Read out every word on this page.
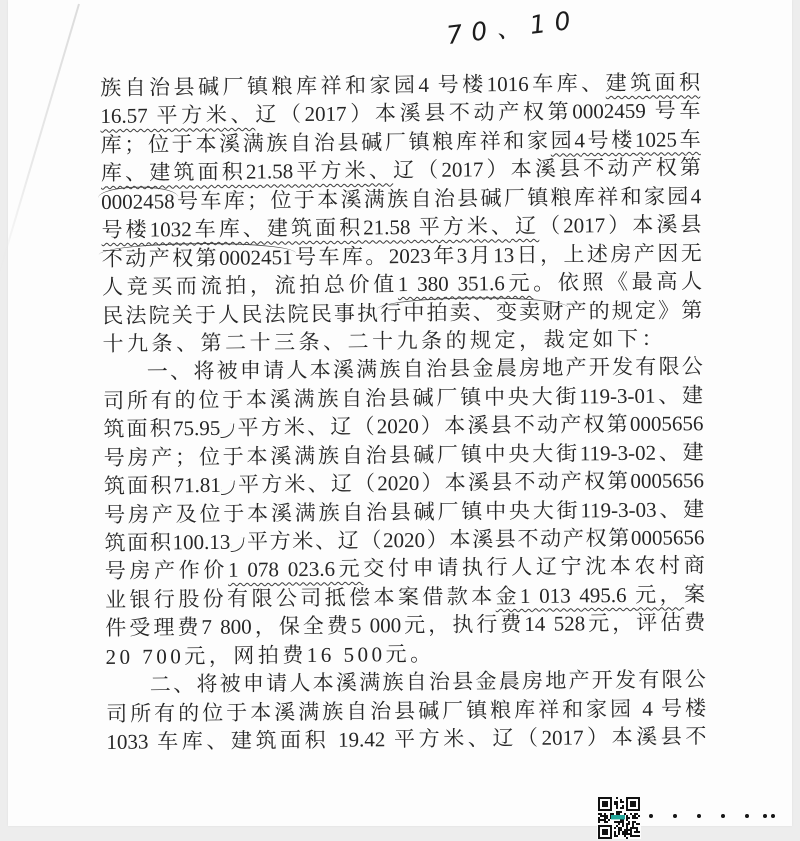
70、10
族自治县碱厂镇粮库祥和家园4 号楼1016车库、建筑面积
16.57 平方米、辽（2017）本溪县不动产权第0002459 号车
库；位于本溪满族自治县碱厂镇粮库祥和家园4号楼1025车
库、建筑面积21.58平方米、辽（2017）本溪县不动产权第
0002458号车库；位于本溪满族自治县碱厂镇粮库祥和家园4
号楼1032车库、建筑面积21.58 平方米、辽（2017）本溪县
不动产权第0002451号车库。2023年3月13日，上述房产因无
人竞买而流拍，流拍总价值1 380 351.6元。依照《最高人
民法院关于人民法院民事执行中拍卖、变卖财产的规定》第
十九条、第二十三条、二十九条的规定，裁定如下：
一、将被申请人本溪满族自治县金晨房地产开发有限公
司所有的位于本溪满族自治县碱厂镇中央大街119-3-01、建
筑面积75.95 平方米、辽（2020）本溪县不动产权第0005656
号房产；位于本溪满族自治县碱厂镇中央大街119-3-02、建
筑面积71.81 平方米、辽（2020）本溪县不动产权第0005656
号房产及位于本溪满族自治县碱厂镇中央大街119-3-03、建
筑面积100.13 平方米、辽（2020）本溪县不动产权第0005656
号房产作价1 078 023.6元交付申请执行人辽宁沈本农村商
业银行股份有限公司抵偿本案借款本金1 013 495.6 元，案
件受理费7 800，保全费5 000元，执行费14 528元，评估费
20 700元，网拍费16 500元。
二、将被申请人本溪满族自治县金晨房地产开发有限公
司所有的位于本溪满族自治县碱厂镇粮库祥和家园 4 号楼
1033 车库、建筑面积 19.42 平方米、辽（2017）本溪县不
